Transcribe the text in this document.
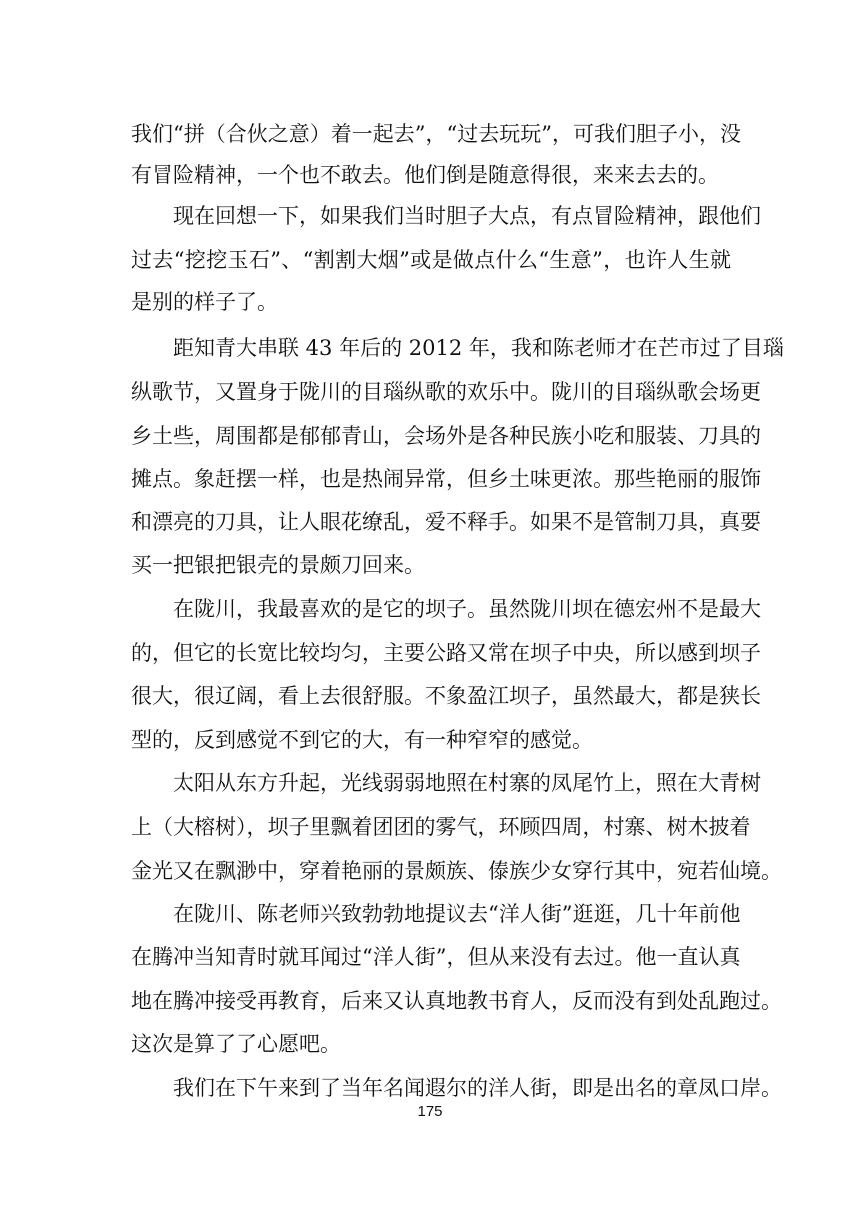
我们“拼（合伙之意）着一起去”，“过去玩玩”，可我们胆子小，没
有冒险精神，一个也不敢去。他们倒是随意得很，来来去去的。
现在回想一下，如果我们当时胆子大点，有点冒险精神，跟他们
过去“挖挖玉石”、“割割大烟”或是做点什么“生意”，也许人生就
是别的样子了。
距知青大串联 43 年后的 2012 年，我和陈老师才在芒市过了目瑙
纵歌节，又置身于陇川的目瑙纵歌的欢乐中。陇川的目瑙纵歌会场更
乡土些，周围都是郁郁青山，会场外是各种民族小吃和服装、刀具的
摊点。象赶摆一样，也是热闹异常，但乡土味更浓。那些艳丽的服饰
和漂亮的刀具，让人眼花缭乱，爱不释手。如果不是管制刀具，真要
买一把银把银壳的景颇刀回来。
在陇川，我最喜欢的是它的坝子。虽然陇川坝在德宏州不是最大
的，但它的长宽比较均匀，主要公路又常在坝子中央，所以感到坝子
很大，很辽阔，看上去很舒服。不象盈江坝子，虽然最大，都是狭长
型的，反到感觉不到它的大，有一种窄窄的感觉。
太阳从东方升起，光线弱弱地照在村寨的凤尾竹上，照在大青树
上（大榕树），坝子里飘着团团的雾气，环顾四周，村寨、树木披着
金光又在飘渺中，穿着艳丽的景颇族、傣族少女穿行其中，宛若仙境。
在陇川、陈老师兴致勃勃地提议去“洋人街”逛逛，几十年前他
在腾冲当知青时就耳闻过“洋人街”，但从来没有去过。他一直认真
地在腾冲接受再教育，后来又认真地教书育人，反而没有到处乱跑过。
这次是算了了心愿吧。
我们在下午来到了当年名闻遐尔的洋人街，即是出名的章凤口岸。
175
